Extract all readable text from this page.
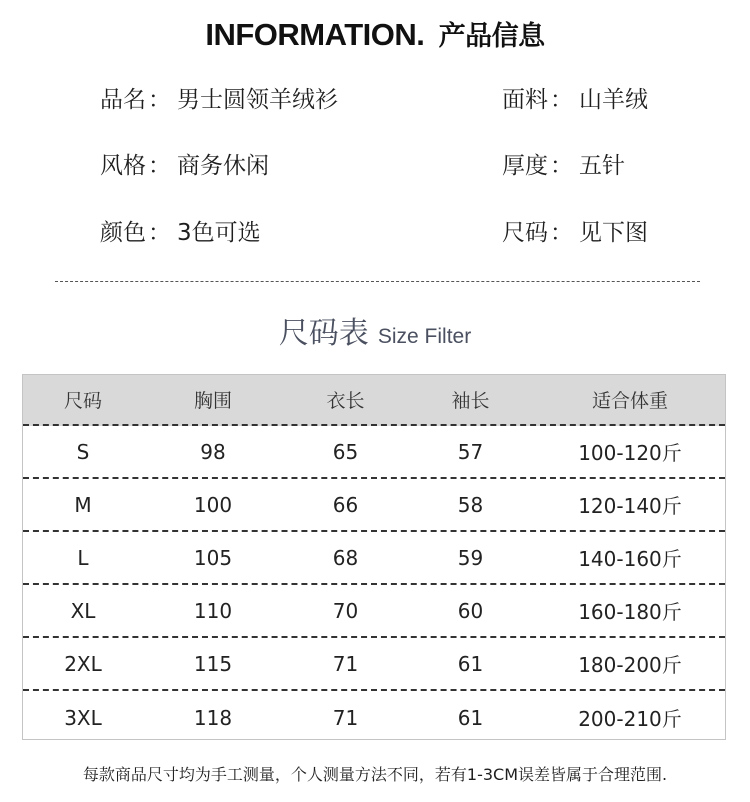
INFORMATION. 产品信息
品名： 男士圆领羊绒衫
风格： 商务休闲
颜色： 3色可选
面料： 山羊绒
厚度： 五针
尺码： 见下图
尺码表 Size Filter
尺码	胸围	衣长	袖长	适合体重
S	98	65	57	100-120斤
M	100	66	58	120-140斤
L	105	68	59	140-160斤
XL	110	70	60	160-180斤
2XL	115	71	61	180-200斤
3XL	118	71	61	200-210斤
每款商品尺寸均为手工测量，个人测量方法不同，若有1-3CM误差皆属于合理范围.
